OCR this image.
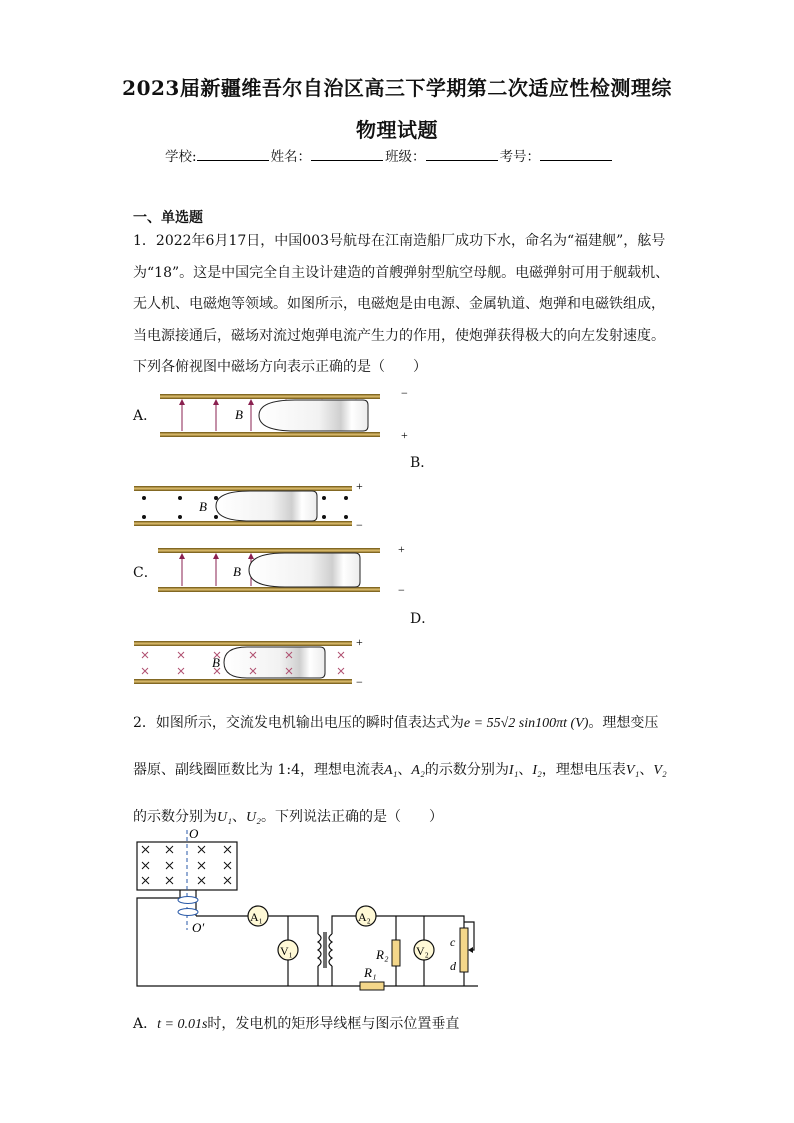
2023届新疆维吾尔自治区高三下学期第二次适应性检测理综
物理试题
学校:	姓名：	班级：	考号：
一、单选题

1．2022年6月17日，中国003号航母在江南造船厂成功下水，命名为“福建舰”，舷号

为“18”。这是中国完全自主设计建造的首艘弹射型航空母舰。电磁弹射可用于舰载机、

无人机、电磁炮等领域。如图所示，电磁炮是由电源、金属轨道、炮弹和电磁铁组成，

当电源接通后，磁场对流过炮弹电流产生力的作用，使炮弹获得极大的向左发射速度。

下列各俯视图中磁场方向表示正确的是（　　）

A．
B．
C．
D．
B
−
+
B
+
−
B
+
−
B
+
−

2．如图所示，交流发电机输出电压的瞬时值表达式为e = 55√2 sin100πt (V)。理想变压

器原、副线圈匝数比为 1:4，理想电流表A₁、A₂的示数分别为I₁、I₂，理想电压表V₁、V₂

的示数分别为U₁、U₂。下列说法正确的是（　　）

O
O′
A₁
V₁
A₂
V₂
R₂
R₁
c
d
A．t = 0.01s时，发电机的矩形导线框与图示位置垂直
